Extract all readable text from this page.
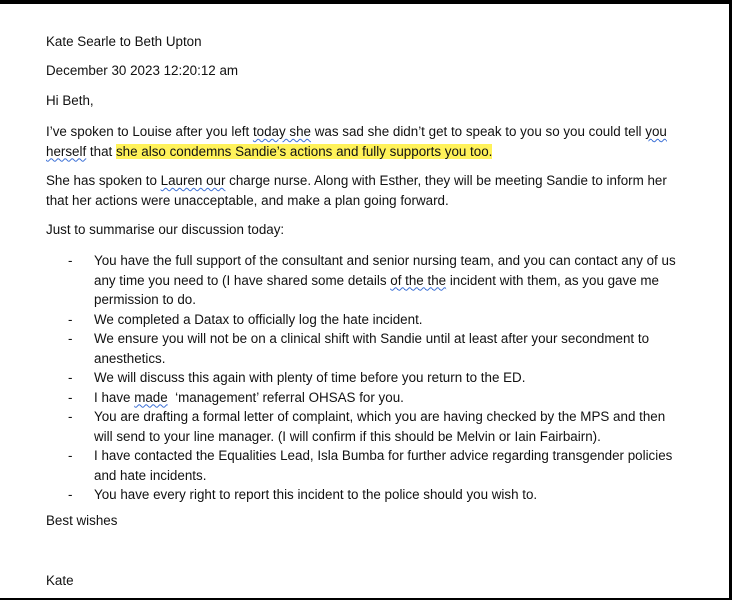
Kate Searle to Beth Upton

December 30 2023 12:20:12 am

Hi Beth,

I’ve spoken to Louise after you left today she was sad she didn’t get to speak to you so you could tell you
herself that she also condemns Sandie’s actions and fully supports you too.

She has spoken to Lauren our charge nurse. Along with Esther, they will be meeting Sandie to inform her that her actions were unacceptable, and make a plan going forward.

Just to summarise our discussion today:

- You have the full support of the consultant and senior nursing team, and you can contact any of us any time you need to (I have shared some details of the the incident with them, as you gave me permission to do.
- We completed a Datax to officially log the hate incident.
- We ensure you will not be on a clinical shift with Sandie until at least after your secondment to anesthetics.
- We will discuss this again with plenty of time before you return to the ED.
- I have made  ‘management’ referral OHSAS for you.
- You are drafting a formal letter of complaint, which you are having checked by the MPS and then will send to your line manager. (I will confirm if this should be Melvin or Iain Fairbairn).
- I have contacted the Equalities Lead, Isla Bumba for further advice regarding transgender policies and hate incidents.
- You have every right to report this incident to the police should you wish to.

Best wishes

Kate
